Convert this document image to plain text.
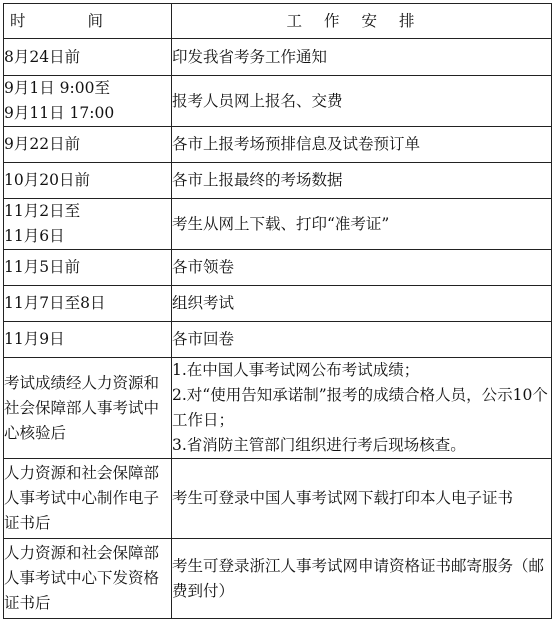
时间	工作安排

8月24日前	印发我省考务工作通知

9月1日 9:00至
9月11日 17:00	报考人员网上报名、交费

9月22日前	各市上报考场预排信息及试卷预订单

10月20日前	各市上报最终的考场数据

11月2日至
11月6日	考生从网上下载、打印“准考证”

11月5日前	各市领卷

11月7日至8日	组织考试

11月9日	各市回卷

考试成绩经人力资源和社会保障部人事考试中心核验后	1.在中国人事考试网公布考试成绩；
2.对“使用告知承诺制”报考的成绩合格人员，公示10个工作日；
3.省消防主管部门组织进行考后现场核查。

人力资源和社会保障部人事考试中心制作电子证书后	考生可登录中国人事考试网下载打印本人电子证书

人力资源和社会保障部人事考试中心下发资格证书后	考生可登录浙江人事考试网申请资格证书邮寄服务（邮费到付）
